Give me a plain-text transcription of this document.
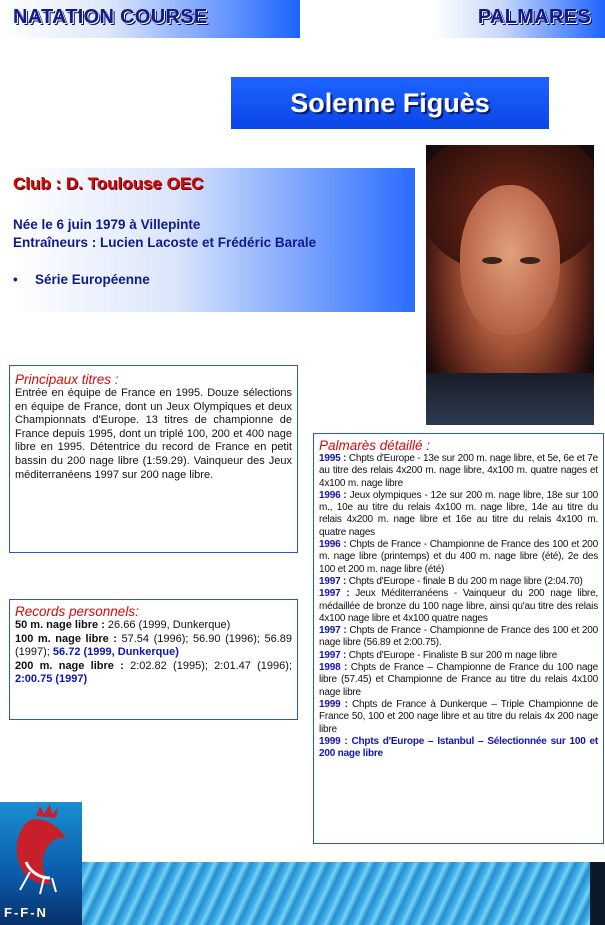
NATATION COURSE	PALMARES
Solenne Figuès
Club : D. Toulouse OEC
Née le 6 juin 1979 à Villepinte
Entraîneurs : Lucien Lacoste et Frédéric Barale
• Série Européenne
Principaux titres :
Entrée en équipe de France en 1995. Douze sélections en équipe de France, dont un Jeux Olympiques et deux Championnats d'Europe. 13 titres de championne de France depuis 1995, dont un triplé 100, 200 et 400 nage libre en 1995. Détentrice du record de France en petit bassin du 200 nage libre (1:59.29). Vainqueur des Jeux méditerranéens 1997 sur 200 nage libre.
Records personnels:
50 m. nage libre : 26.66 (1999, Dunkerque)
100 m. nage libre : 57.54 (1996); 56.90 (1996); 56.89 (1997); 56.72 (1999, Dunkerque)
200 m. nage libre : 2:02.82 (1995); 2:01.47 (1996); 2:00.75 (1997)
Palmarès détaillé :
1995 : Chpts d'Europe - 13e sur 200 m. nage libre, et 5e, 6e et 7e au titre des relais 4x200 m. nage libre, 4x100 m. quatre nages et 4x100 m. nage libre
1996 : Jeux olympiques - 12e sur 200 m. nage libre, 18e sur 100 m., 10e au titre du relais 4x100 m. nage libre, 14e au titre du relais 4x200 m. nage libre et 16e au titre du relais 4x100 m. quatre nages
1996 : Chpts de France - Championne de France des 100 et 200 m. nage libre (printemps) et du 400 m. nage libre (été), 2e des 100 et 200 m. nage libre (été)
1997 : Chpts d'Europe - finale B du 200 m nage libre (2:04.70)
1997 : Jeux Méditerranéens - Vainqueur du 200 nage libre, médaillée de bronze du 100 nage libre, ainsi qu'au titre des relais 4x100 nage libre et 4x100 quatre nages
1997 : Chpts de France - Championne de France des 100 et 200 nage libre (56.89 et 2:00.75).
1997 : Chpts d'Europe - Finaliste B sur 200 m nage libre
1998 : Chpts de France – Championne de France du 100 nage libre (57.45) et Championne de France au titre du relais 4x100 nage libre
1999 : Chpts de France à Dunkerque – Triple Championne de France 50, 100 et 200 nage libre et au titre du relais 4x 200 nage libre
1999 : Chpts d'Europe – Istanbul – Sélectionnée sur 100 et 200 nage libre
F-F-N
